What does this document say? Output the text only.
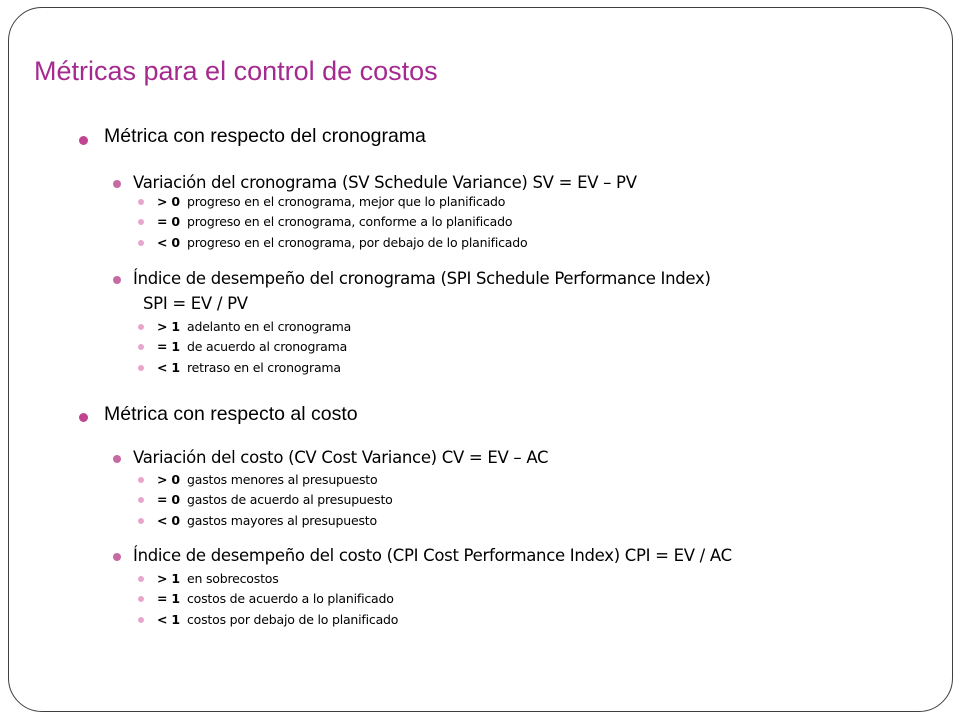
Métricas para el control de costos
Métrica con respecto del cronograma
Variación del cronograma (SV Schedule Variance) SV = EV – PV
> 0 progreso en el cronograma, mejor que lo planificado
= 0 progreso en el cronograma, conforme a lo planificado
< 0 progreso en el cronograma, por debajo de lo planificado
Índice de desempeño del cronograma (SPI Schedule Performance Index)
SPI = EV / PV
> 1 adelanto en el cronograma
= 1 de acuerdo al cronograma
< 1 retraso en el cronograma
Métrica con respecto al costo
Variación del costo (CV Cost Variance) CV = EV – AC
> 0 gastos menores al presupuesto
= 0 gastos de acuerdo al presupuesto
< 0 gastos mayores al presupuesto
Índice de desempeño del costo (CPI Cost Performance Index) CPI = EV / AC
> 1 en sobrecostos
= 1 costos de acuerdo a lo planificado
< 1 costos por debajo de lo planificado
